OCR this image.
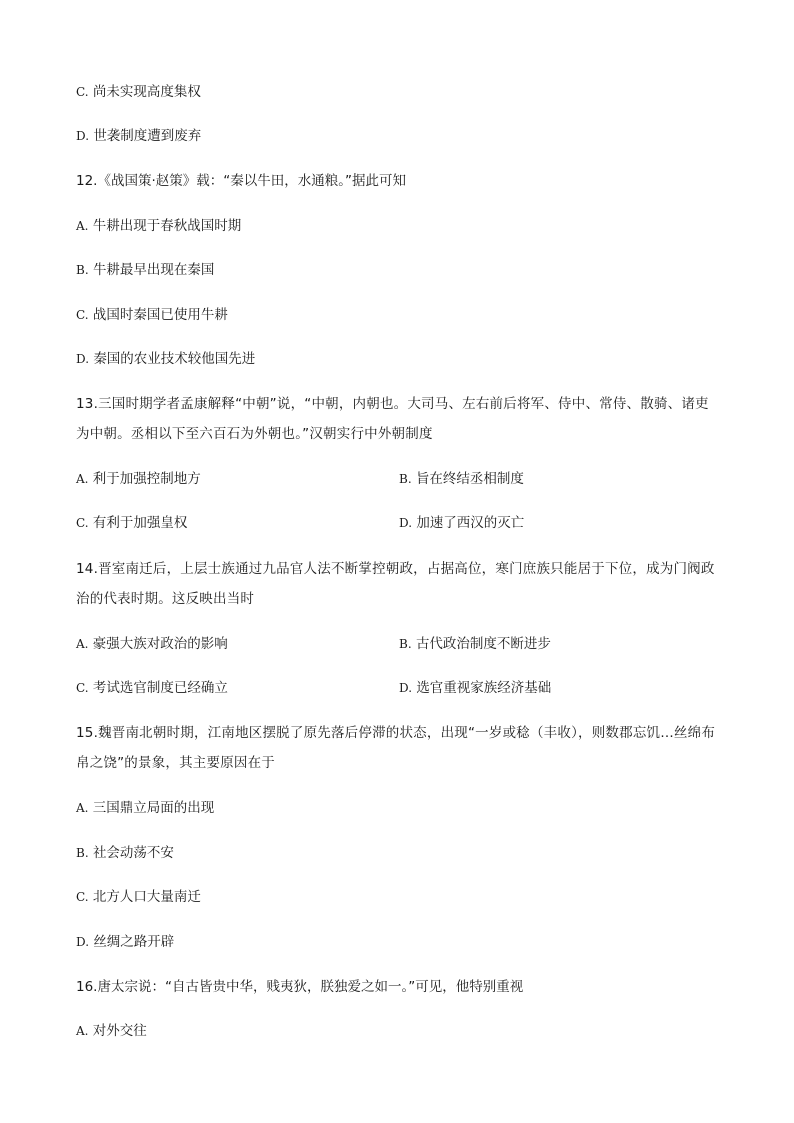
C. 尚未实现高度集权
D. 世袭制度遭到废弃
12.《战国策·赵策》载：“秦以牛田，水通粮。”据此可知
A. 牛耕出现于春秋战国时期
B. 牛耕最早出现在秦国
C. 战国时秦国已使用牛耕
D. 秦国的农业技术较他国先进
13.三国时期学者孟康解释“中朝”说，“中朝，内朝也。大司马、左右前后将军、侍中、常侍、散骑、诸吏为中朝。丞相以下至六百石为外朝也。”汉朝实行中外朝制度
A. 利于加强控制地方	B. 旨在终结丞相制度
C. 有利于加强皇权	D. 加速了西汉的灭亡
14.晋室南迁后，上层士族通过九品官人法不断掌控朝政，占据高位，寒门庶族只能居于下位，成为门阀政治的代表时期。这反映出当时
A. 豪强大族对政治的影响	B. 古代政治制度不断进步
C. 考试选官制度已经确立	D. 选官重视家族经济基础
15.魏晋南北朝时期，江南地区摆脱了原先落后停滞的状态，出现“一岁或稔（丰收），则数郡忘饥…丝绵布帛之饶”的景象，其主要原因在于
A. 三国鼎立局面的出现
B. 社会动荡不安
C. 北方人口大量南迁
D. 丝绸之路开辟
16.唐太宗说：“自古皆贵中华，贱夷狄，朕独爱之如一。”可见，他特别重视
A. 对外交往
